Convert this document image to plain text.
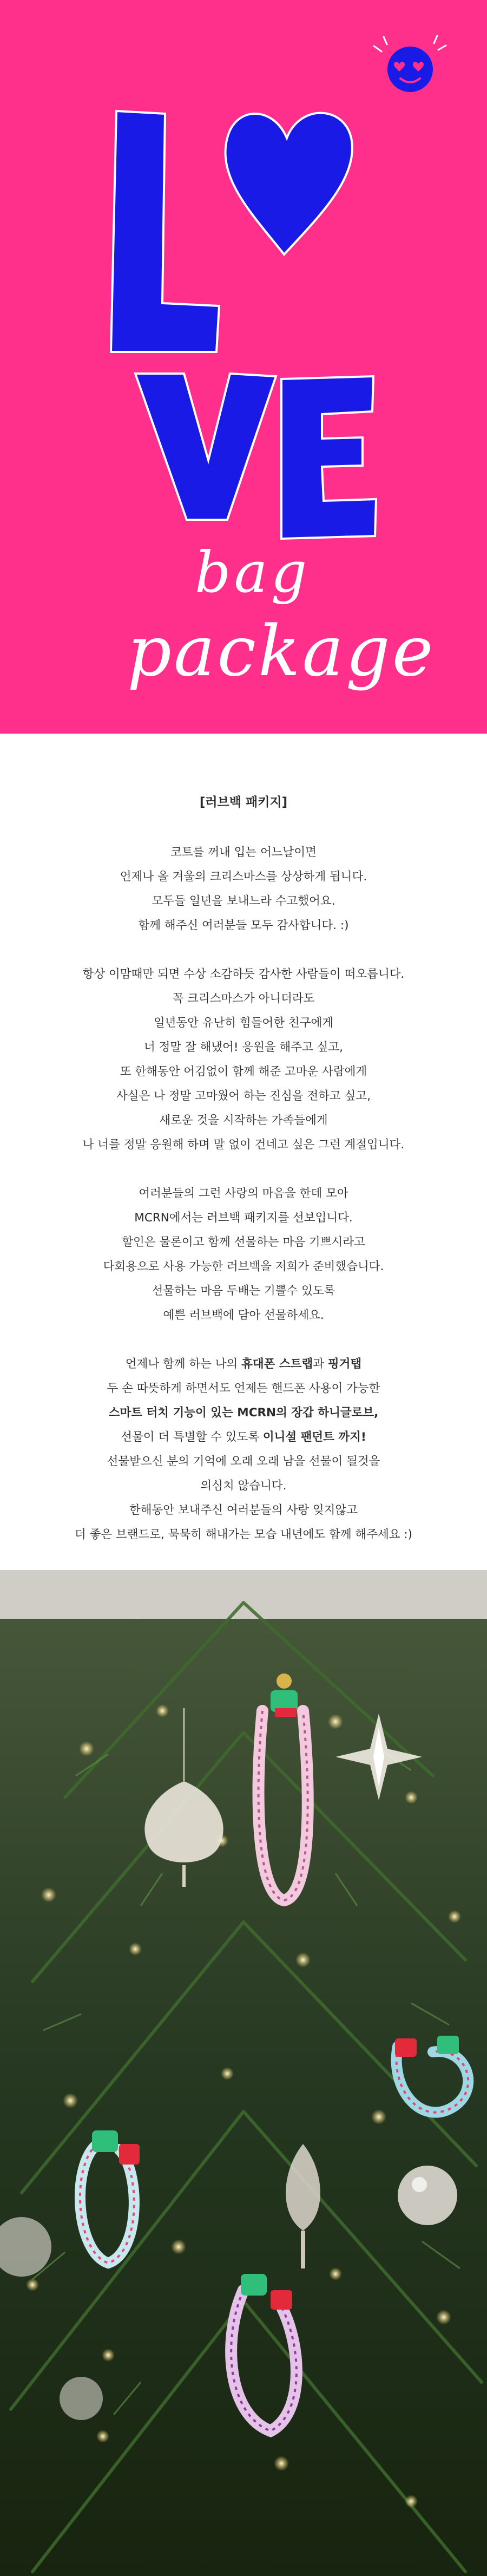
bag
package
[러브백 패키지]

코트를 꺼내 입는 어느날이면

언제나 올 겨울의 크리스마스를 상상하게 됩니다.

모두들 일년을 보내느라 수고했어요.

함께 해주신 여러분들 모두 감사합니다. :)

항상 이맘때만 되면 수상 소감하듯 감사한 사람들이 떠오릅니다.

꼭 크리스마스가 아니더라도

일년동안 유난히 힘들어한 친구에게

너 정말 잘 해냈어! 응원을 해주고 싶고,

또 한해동안 어김없이 함께 해준 고마운 사람에게

사실은 나 정말 고마웠어 하는 진심을 전하고 싶고,

새로운 것을 시작하는 가족들에게

나 너를 정말 응원해 하며 말 없이 건네고 싶은 그런 계절입니다.

여러분들의 그런 사랑의 마음을 한데 모아

MCRN에서는 러브백 패키지를 선보입니다.

할인은 물론이고 함께 선물하는 마음 기쁘시라고

다회용으로 사용 가능한 러브백을 저희가 준비했습니다.

선물하는 마음 두배는 기쁠수 있도록

예쁜 러브백에 담아 선물하세요.

언제나 함께 하는 나의 휴대폰 스트랩과 핑거탭

두 손 따뜻하게 하면서도 언제든 핸드폰 사용이 가능한

스마트 터치 기능이 있는 MCRN의 장갑 하니글로브,

선물이 더 특별할 수 있도록 이니셜 팬던트 까지!

선물받으신 분의 기억에 오래 오래 남을 선물이 될것을

의심치 않습니다.

한해동안 보내주신 여러분들의 사랑 잊지않고

더 좋은 브랜드로, 묵묵히 해내가는 모습 내년에도 함께 해주세요 :)
